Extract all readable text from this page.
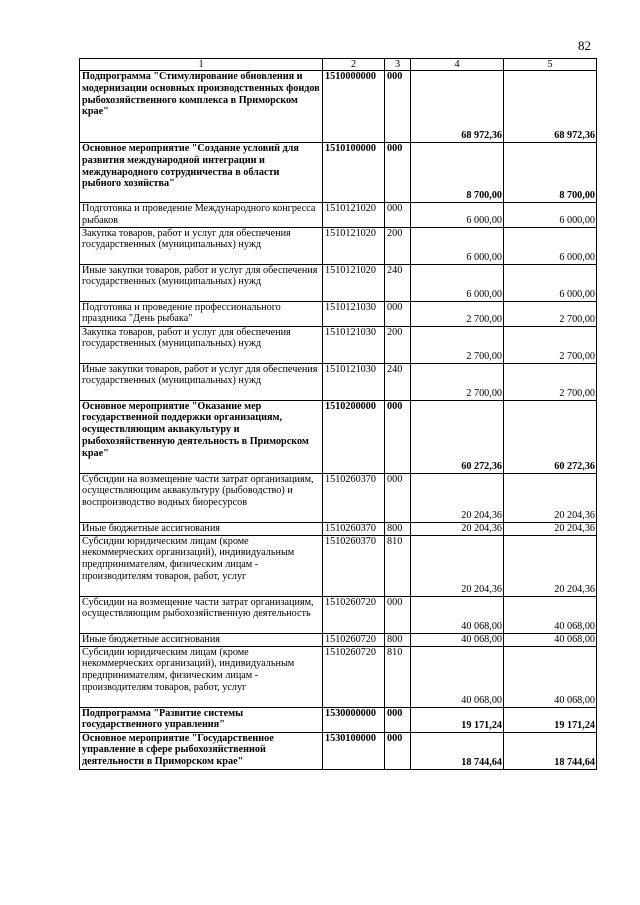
82
1	2	3	4	5
Подпрограмма "Стимулирование обновления и модернизации основных производственных фондов рыбохозяйственного комплекса в Приморском крае"	1510000000	000	68 972,36	68 972,36
Основное мероприятие "Создание условий для развития международной интеграции и международного сотрудничества в области рыбного хозяйства"	1510100000	000	8 700,00	8 700,00
Подготовка и проведение Международного конгресса рыбаков	1510121020	000	6 000,00	6 000,00
Закупка товаров, работ и услуг для обеспечения государственных (муниципальных) нужд	1510121020	200	6 000,00	6 000,00
Иные закупки товаров, работ и услуг для обеспечения государственных (муниципальных) нужд	1510121020	240	6 000,00	6 000,00
Подготовка и проведение профессионального праздника "День рыбака"	1510121030	000	2 700,00	2 700,00
Закупка товаров, работ и услуг для обеспечения государственных (муниципальных) нужд	1510121030	200	2 700,00	2 700,00
Иные закупки товаров, работ и услуг для обеспечения государственных (муниципальных) нужд	1510121030	240	2 700,00	2 700,00
Основное мероприятие "Оказание мер государственной поддержки организациям, осуществляющим аквакультуру и рыбохозяйственную деятельность в Приморском крае"	1510200000	000	60 272,36	60 272,36
Субсидии на возмещение части затрат организациям, осуществляющим аквакультуру (рыбоводство) и воспроизводство водных биоресурсов	1510260370	000	20 204,36	20 204,36
Иные бюджетные ассигнования	1510260370	800	20 204,36	20 204,36
Субсидии юридическим лицам (кроме некоммерческих организаций), индивидуальным предпринимателям, физическим лицам - производителям товаров, работ, услуг	1510260370	810	20 204,36	20 204,36
Субсидии на возмещение части затрат организациям, осуществляющим рыбохозяйственную деятельность	1510260720	000	40 068,00	40 068,00
Иные бюджетные ассигнования	1510260720	800	40 068,00	40 068,00
Субсидии юридическим лицам (кроме некоммерческих организаций), индивидуальным предпринимателям, физическим лицам - производителям товаров, работ, услуг	1510260720	810	40 068,00	40 068,00
Подпрограмма "Развитие системы государственного управления"	1530000000	000	19 171,24	19 171,24
Основное мероприятие "Государственное управление в сфере рыбохозяйственной деятельности в Приморском крае"	1530100000	000	18 744,64	18 744,64
